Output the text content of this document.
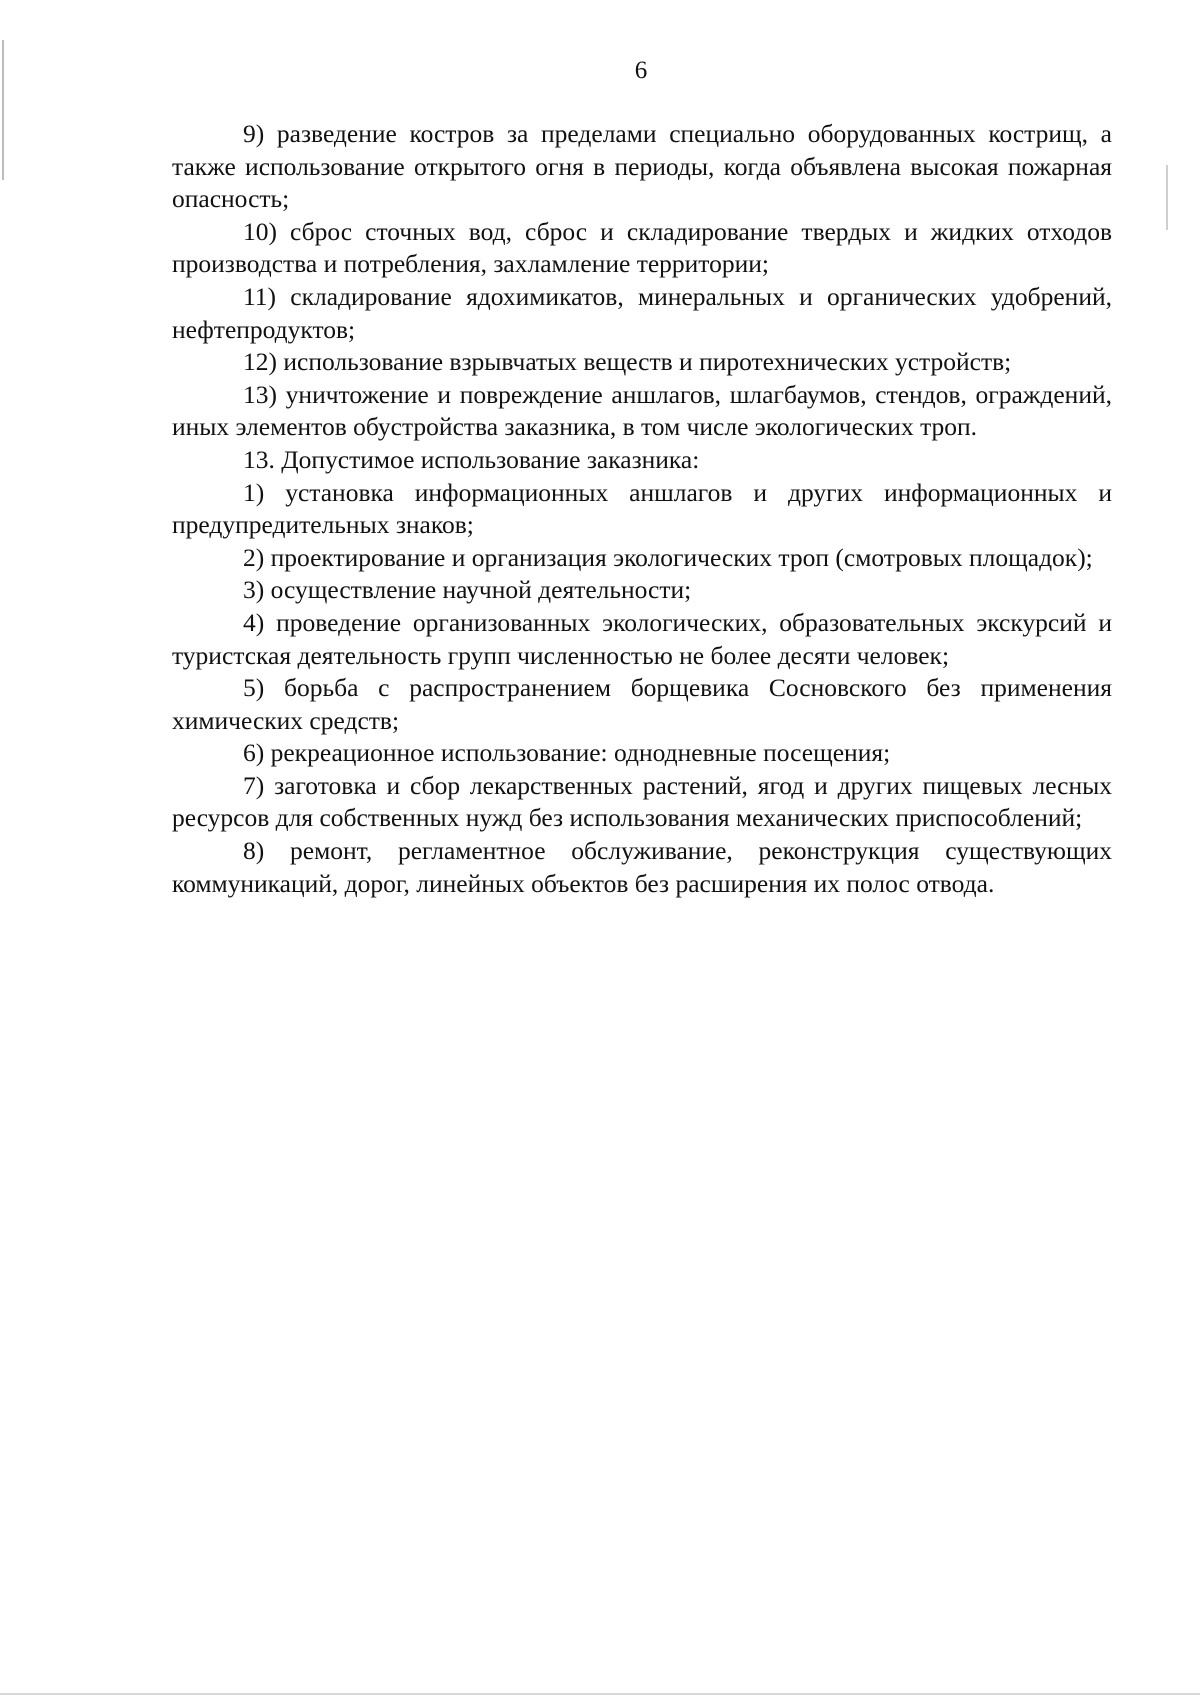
6

9) разведение костров за пределами специально оборудованных кострищ, а также использование открытого огня в периоды, когда объявлена высокая пожарная опасность;

10) сброс сточных вод, сброс и складирование твердых и жидких отходов производства и потребления, захламление территории;

11) складирование ядохимикатов, минеральных и органических удобрений, нефтепродуктов;

12) использование взрывчатых веществ и пиротехнических устройств;

13) уничтожение и повреждение аншлагов, шлагбаумов, стендов, ограждений, иных элементов обустройства заказника, в том числе экологических троп.

13. Допустимое использование заказника:

1) установка информационных аншлагов и других информационных и предупредительных знаков;

2) проектирование и организация экологических троп (смотровых площадок);

3) осуществление научной деятельности;

4) проведение организованных экологических, образовательных экскурсий и туристская деятельность групп численностью не более десяти человек;

5) борьба с распространением борщевика Сосновского без применения химических средств;

6) рекреационное использование: однодневные посещения;

7) заготовка и сбор лекарственных растений, ягод и других пищевых лесных ресурсов для собственных нужд без использования механических приспособлений;

8) ремонт, регламентное обслуживание, реконструкция существующих коммуникаций, дорог, линейных объектов без расширения их полос отвода.
